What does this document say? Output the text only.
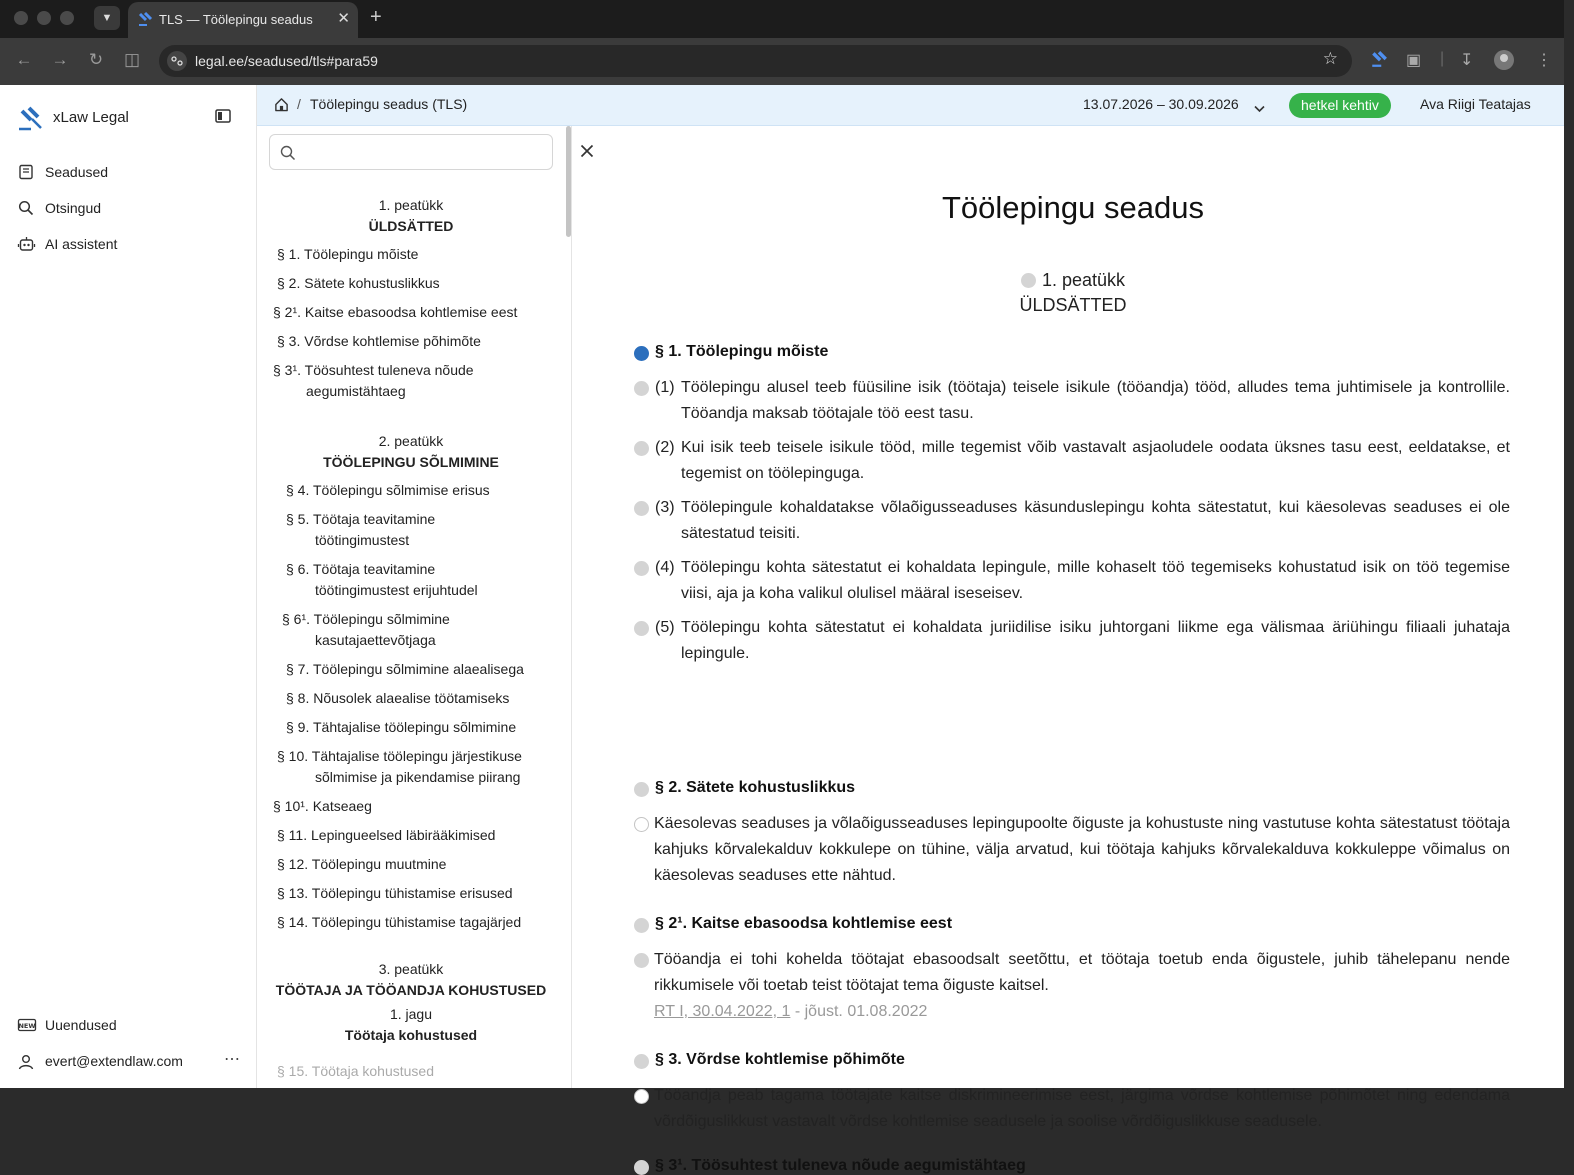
▼	TLS — Töölepingu seadus ✕ +
← → ↻ ◫	legal.ee/seadused/tls#para59	☆	▣ | ↧	⋮
xLaw Legal
Seadused
Otsingud
AI assistent
NEW Uuendused
evert@extendlaw.com	⋯
/ Töölepingu seadus (TLS)	13.07.2026 – 30.09.2026	hetkel kehtiv	Ava Riigi Teatajas
1. peatükk
ÜLDSÄTTED
§ 1. Töölepingu mõiste
§ 2. Sätete kohustuslikkus
§ 2¹. Kaitse ebasoodsa kohtlemise eest
§ 3. Võrdse kohtlemise põhimõte
§ 3¹. Töösuhtest tuleneva nõude aegumistähtaeg
2. peatükk
TÖÖLEPINGU SÕLMIMINE
§ 4. Töölepingu sõlmimise erisus
§ 5. Töötaja teavitamine töötingimustest
§ 6. Töötaja teavitamine töötingimustest erijuhtudel
§ 6¹. Töölepingu sõlmimine kasutajaettevõtjaga
§ 7. Töölepingu sõlmimine alaealisega
§ 8. Nõusolek alaealise töötamiseks
§ 9. Tähtajalise töölepingu sõlmimine
§ 10. Tähtajalise töölepingu järjestikuse sõlmimise ja pikendamise piirang
§ 10¹. Katseaeg
§ 11. Lepingueelsed läbirääkimised
§ 12. Töölepingu muutmine
§ 13. Töölepingu tühistamise erisused
§ 14. Töölepingu tühistamise tagajärjed
3. peatükk
TÖÖTAJA JA TÖÖANDJA KOHUSTUSED
1. jagu
Töötaja kohustused
§ 15. Töötaja kohustused
Töölepingu seadus
1. peatükk
ÜLDSÄTTED
§ 1. Töölepingu mõiste
(1) Töölepingu alusel teeb füüsiline isik (töötaja) teisele isikule (tööandja) tööd, alludes tema juhtimisele ja kontrollile. Tööandja maksab töötajale töö eest tasu.
(2) Kui isik teeb teisele isikule tööd, mille tegemist võib vastavalt asjaoludele oodata üksnes tasu eest, eeldatakse, et tegemist on töölepinguga.
(3) Töölepingule kohaldatakse võlaõigusseaduses käsunduslepingu kohta sätestatut, kui käesolevas seaduses ei ole sätestatud teisiti.
(4) Töölepingu kohta sätestatut ei kohaldata lepingule, mille kohaselt töö tegemiseks kohustatud isik on töö tegemise viisi, aja ja koha valikul olulisel määral iseseisev.
(5) Töölepingu kohta sätestatut ei kohaldata juriidilise isiku juhtorgani liikme ega välismaa äriühingu filiaali juhataja lepingule.
§ 2. Sätete kohustuslikkus
Käesolevas seaduses ja võlaõigusseaduses lepingupoolte õiguste ja kohustuste ning vastutuse kohta sätestatust töötaja kahjuks kõrvalekalduv kokkulepe on tühine, välja arvatud, kui töötaja kahjuks kõrvalekalduva kokkuleppe võimalus on käesolevas seaduses ette nähtud.
§ 2¹. Kaitse ebasoodsa kohtlemise eest
Tööandja ei tohi kohelda töötajat ebasoodsalt seetõttu, et töötaja toetub enda õigustele, juhib tähelepanu nende rikkumisele või toetab teist töötajat tema õiguste kaitsel.
RT I, 30.04.2022, 1 - jõust. 01.08.2022
§ 3. Võrdse kohtlemise põhimõte
Tööandja peab tagama töötajate kaitse diskrimineerimise eest, järgima võrdse kohtlemise põhimõtet ning edendama võrdõiguslikkust vastavalt võrdse kohtlemise seadusele ja soolise võrdõiguslikkuse seadusele.
§ 3¹. Töösuhtest tuleneva nõude aegumistähtaeg
